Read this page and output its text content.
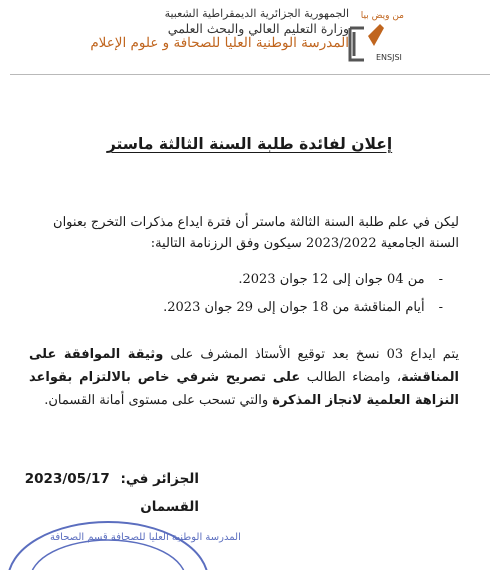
الجمهورية الجزائرية الديمقراطية الشعبية
وزارة التعليم العالي والبحث العلمي
المدرسة الوطنية العليا للصحافة و علوم الإعلام
من ويض بيا
ENSJSI
إعلان لفائدة طلبة السنة الثالثة ماستر
ليكن في علم طلبة السنة الثالثة ماستر أن فترة ايداع مذكرات التخرج بعنوان السنة الجامعية 2023/2022 سيكون وفق الرزنامة التالية:
-من 04 جوان إلى 12 جوان 2023.
-أيام المناقشة من 18 جوان إلى 29 جوان 2023.
يتم ايداع 03 نسخ بعد توقيع الأستاذ المشرف على وثيقة الموافقة على المناقشة، وامضاء الطالب على تصريح شرفي خاص بالالتزام بقواعد النزاهة العلمية لانجاز المذكرة والتي تسحب على مستوى أمانة القسمان.
الجزائر في: 2023/05/17
القسمان
المدرسة الوطنية العليا للصحافة قسم الصحافة
